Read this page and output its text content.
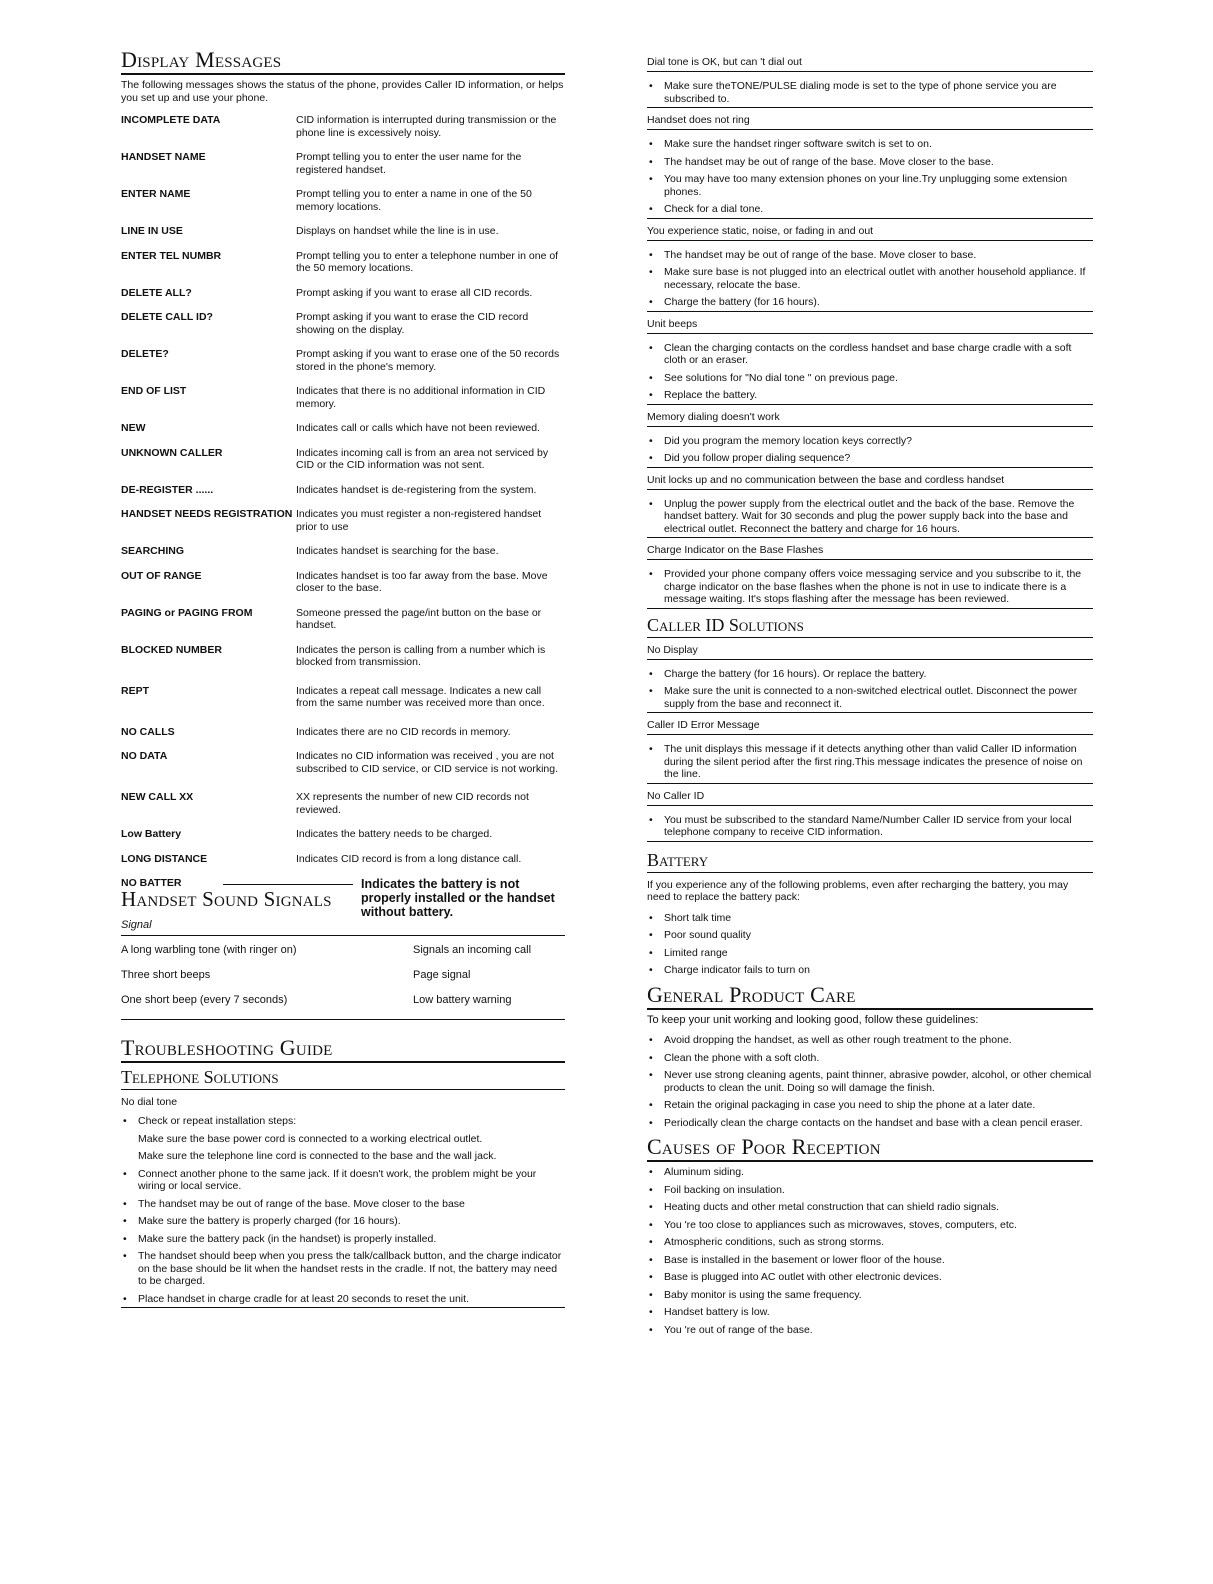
Display Messages

The following messages shows the status of the phone, provides Caller ID information, or helps you set up and use your phone.

INCOMPLETE DATA	CID information is interrupted during transmission or the phone line is excessively noisy.
HANDSET NAME	Prompt telling you to enter the user name for the registered handset.
ENTER NAME	Prompt telling you to enter a name in one of the 50 memory locations.
LINE IN USE	Displays on handset while the line is in use.
ENTER TEL NUMBR	Prompt telling you to enter a telephone number in one of the 50 memory locations.
DELETE ALL?	Prompt asking if you want to erase all CID records.
DELETE CALL ID?	Prompt asking if you want to erase the CID record showing on the display.
DELETE?	Prompt asking if you want to erase one of the 50 records stored in the phone's memory.
END OF LIST	Indicates that there is no additional information in CID memory.
NEW	Indicates call or calls which have not been reviewed.
UNKNOWN CALLER	Indicates incoming call is from an area not serviced by CID or the CID information was not sent.
DE-REGISTER ......	Indicates handset is de-registering from the system.
HANDSET NEEDS REGISTRATION Indicates you must register a non-registered handset prior to use
SEARCHING	Indicates handset is searching for the base.
OUT OF RANGE	Indicates handset is too far away from the base. Move closer to the base.
PAGING or PAGING FROM	Someone pressed the page/int button on the base or handset.
BLOCKED NUMBER	Indicates the person is calling from a number which is blocked from transmission.
REPT	Indicates a repeat call message. Indicates a new call from the same number was received more than once.
NO CALLS	Indicates there are no CID records in memory.
NO DATA	Indicates no CID information was received , you are not subscribed to CID service, or CID service is not working.
NEW CALL XX	XX represents the number of new CID records not reviewed.
Low Battery	Indicates the battery needs to be charged.
LONG DISTANCE	Indicates CID record is from a long distance call.
NO BATTER	Indicates the battery is not properly installed or the handset without battery.
Handset Sound Signals
Signal
A long warbling tone (with ringer on)	Signals an incoming call
Three short beeps	Page signal
One short beep (every 7 seconds)	Low battery warning
Troubleshooting Guide
Telephone Solutions
No dial tone
• Check or repeat installation steps:
Make sure the base power cord is connected to a working electrical outlet.
Make sure the telephone line cord is connected to the base and the wall jack.
• Connect another phone to the same jack. If it doesn't work, the problem might be your wiring or local service.
• The handset may be out of range of the base. Move closer to the base
• Make sure the battery is properly charged (for 16 hours).
• Make sure the battery pack (in the handset) is properly installed.
• The handset should beep when you press the talk/callback button, and the charge indicator on the base should be lit when the handset rests in the cradle. If not, the battery may need to be charged.
• Place handset in charge cradle for at least 20 seconds to reset the unit.
Dial tone is OK, but can 't dial out
• Make sure theTONE/PULSE dialing mode is set to the type of phone service you are subscribed to.
Handset does not ring
• Make sure the handset ringer software switch is set to on.
• The handset may be out of range of the base. Move closer to the base.
• You may have too many extension phones on your line.Try unplugging some extension phones.
• Check for a dial tone.
You experience static, noise, or fading in and out
• The handset may be out of range of the base. Move closer to base.
• Make sure base is not plugged into an electrical outlet with another household appliance. If necessary, relocate the base.
• Charge the battery (for 16 hours).
Unit beeps
• Clean the charging contacts on the cordless handset and base charge cradle with a soft cloth or an eraser.
• See solutions for "No dial tone " on previous page.
• Replace the battery.
Memory dialing doesn't work
• Did you program the memory location keys correctly?
• Did you follow proper dialing sequence?
Unit locks up and no communication between the base and cordless handset
• Unplug the power supply from the electrical outlet and the back of the base. Remove the handset battery. Wait for 30 seconds and plug the power supply back into the base and electrical outlet. Reconnect the battery and charge for 16 hours.
Charge Indicator on the Base Flashes
• Provided your phone company offers voice messaging service and you subscribe to it, the charge indicator on the base flashes when the phone is not in use to indicate there is a message waiting. It's stops flashing after the message has been reviewed.
Caller ID Solutions
No Display
• Charge the battery (for 16 hours). Or replace the battery.
• Make sure the unit is connected to a non-switched electrical outlet. Disconnect the power supply from the base and reconnect it.
Caller ID Error Message
• The unit displays this message if it detects anything other than valid Caller ID information during the silent period after the first ring.This message indicates the presence of noise on the line.
No Caller ID
• You must be subscribed to the standard Name/Number Caller ID service from your local telephone company to receive CID information.
Battery

If you experience any of the following problems, even after recharging the battery, you may need to replace the battery pack:

• Short talk time
• Poor sound quality
• Limited range
• Charge indicator fails to turn on
General Product Care

To keep your unit working and looking good, follow these guidelines:

• Avoid dropping the handset, as well as other rough treatment to the phone.
• Clean the phone with a soft cloth.
• Never use strong cleaning agents, paint thinner, abrasive powder, alcohol, or other chemical products to clean the unit. Doing so will damage the finish.
• Retain the original packaging in case you need to ship the phone at a later date.
• Periodically clean the charge contacts on the handset and base with a clean pencil eraser.
Causes of Poor Reception
• Aluminum siding.
• Foil backing on insulation.
• Heating ducts and other metal construction that can shield radio signals.
• You 're too close to appliances such as microwaves, stoves, computers, etc.
• Atmospheric conditions, such as strong storms.
• Base is installed in the basement or lower floor of the house.
• Base is plugged into AC outlet with other electronic devices.
• Baby monitor is using the same frequency.
• Handset battery is low.
• You 're out of range of the base.
